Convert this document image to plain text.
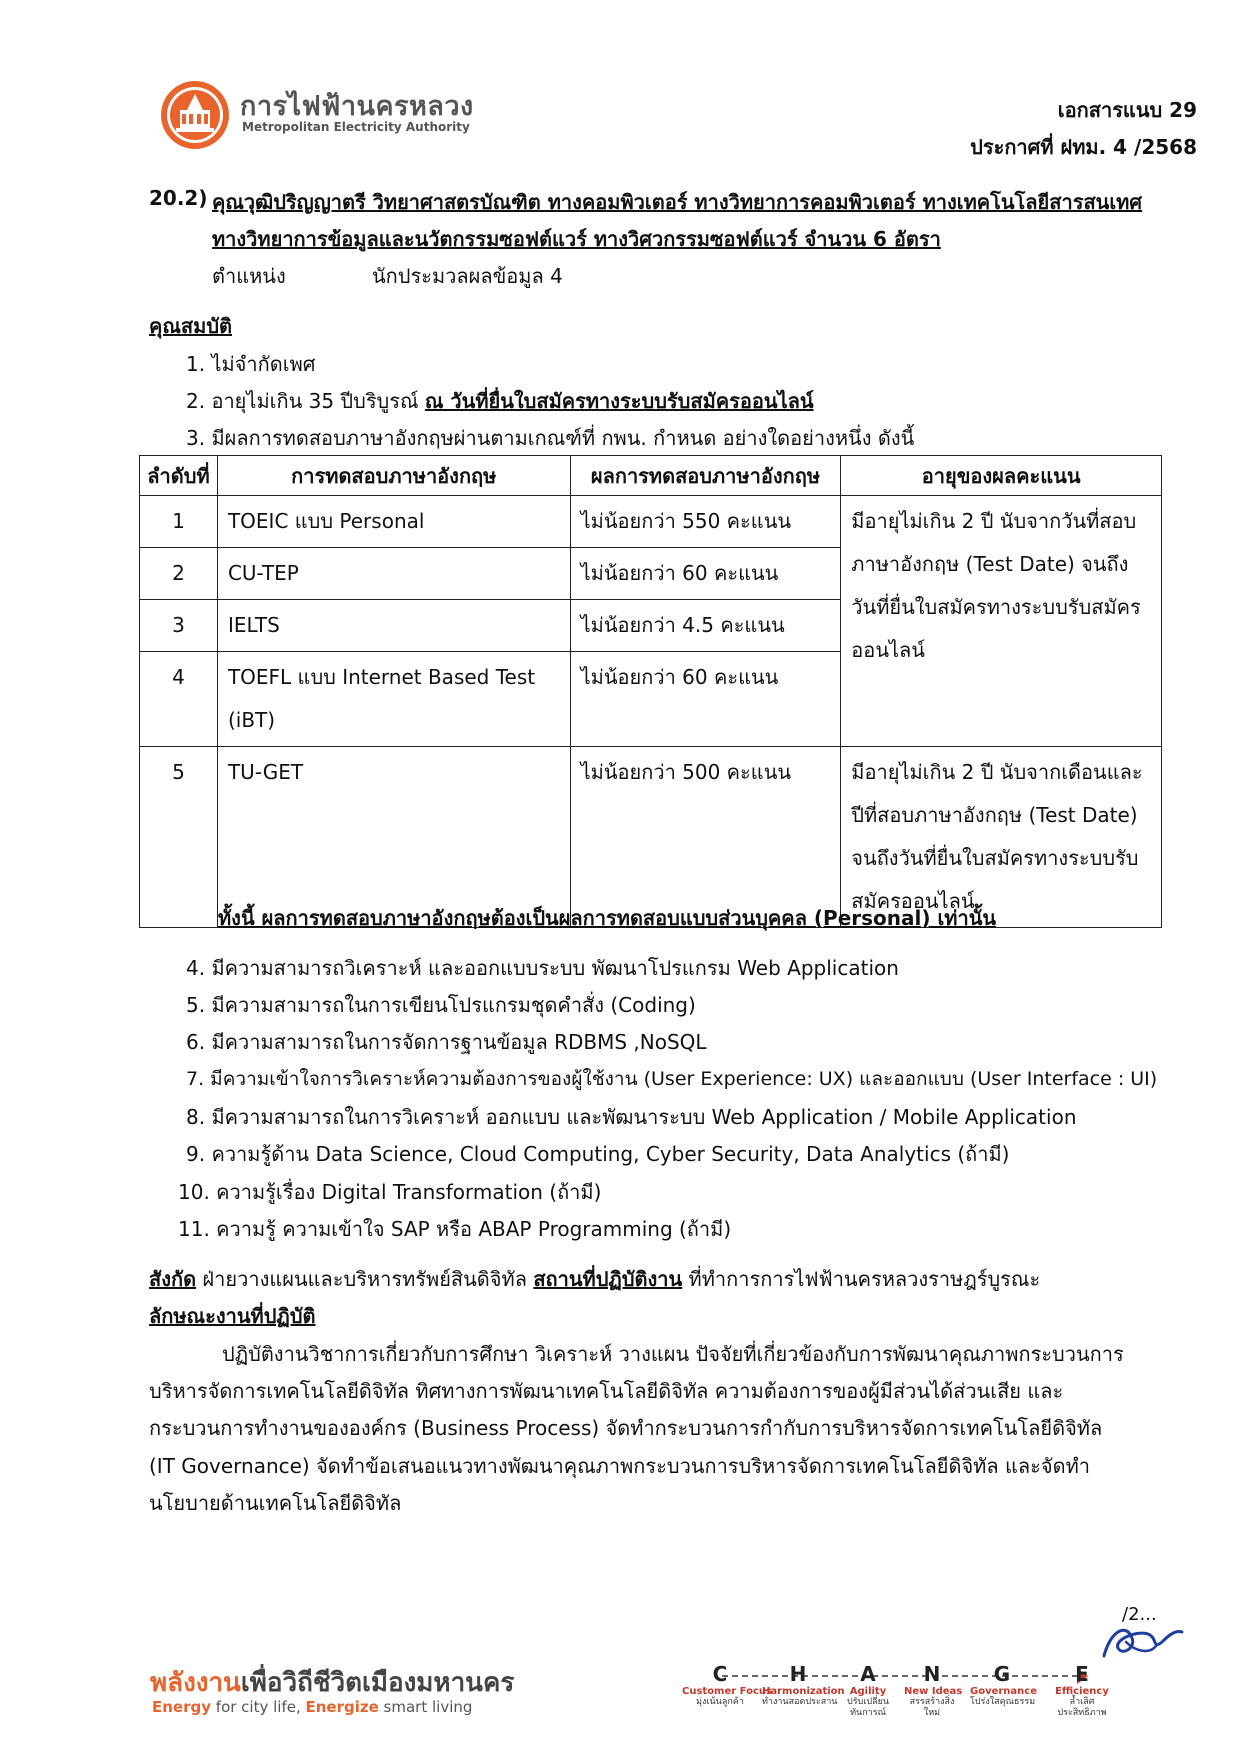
การไฟฟ้านครหลวง
Metropolitan Electricity Authority
เอกสารแนบ 29
ประกาศที่ ฝทม. 4 /2568
20.2) คุณวุฒิปริญญาตรี วิทยาศาสตรบัณฑิต ทางคอมพิวเตอร์ ทางวิทยาการคอมพิวเตอร์ ทางเทคโนโลยีสารสนเทศ
ทางวิทยาการข้อมูลและนวัตกรรมซอฟต์แวร์ ทางวิศวกรรมซอฟต์แวร์ จำนวน 6 อัตรา
ตำแหน่ง	นักประมวลผลข้อมูล 4
คุณสมบัติ
1. ไม่จำกัดเพศ
2. อายุไม่เกิน 35 ปีบริบูรณ์ ณ วันที่ยื่นใบสมัครทางระบบรับสมัครออนไลน์
3. มีผลการทดสอบภาษาอังกฤษผ่านตามเกณฑ์ที่ กพน. กำหนด อย่างใดอย่างหนึ่ง ดังนี้
ลำดับที่	การทดสอบภาษาอังกฤษ	ผลการทดสอบภาษาอังกฤษ	อายุของผลคะแนน
1	TOEIC แบบ Personal	ไม่น้อยกว่า 550 คะแนน	มีอายุไม่เกิน 2 ปี นับจากวันที่สอบภาษาอังกฤษ (Test Date) จนถึงวันที่ยื่นใบสมัครทางระบบรับสมัครออนไลน์
2	CU-TEP	ไม่น้อยกว่า 60 คะแนน	
3	IELTS	ไม่น้อยกว่า 4.5 คะแนน	
4	TOEFL แบบ Internet Based Test (iBT)	ไม่น้อยกว่า 60 คะแนน	
5	TU-GET	ไม่น้อยกว่า 500 คะแนน	มีอายุไม่เกิน 2 ปี นับจากเดือนและปีที่สอบภาษาอังกฤษ (Test Date) จนถึงวันที่ยื่นใบสมัครทางระบบรับสมัครออนไลน์
ทั้งนี้ ผลการทดสอบภาษาอังกฤษต้องเป็นผลการทดสอบแบบส่วนบุคคล (Personal) เท่านั้น
4. มีความสามารถวิเคราะห์ และออกแบบระบบ พัฒนาโปรแกรม Web Application
5. มีความสามารถในการเขียนโปรแกรมชุดคำสั่ง (Coding)
6. มีความสามารถในการจัดการฐานข้อมูล RDBMS ,NoSQL
7. มีความเข้าใจการวิเคราะห์ความต้องการของผู้ใช้งาน (User Experience: UX) และออกแบบ (User Interface : UI)
8. มีความสามารถในการวิเคราะห์ ออกแบบ และพัฒนาระบบ Web Application / Mobile Application
9. ความรู้ด้าน Data Science, Cloud Computing, Cyber Security, Data Analytics (ถ้ามี)
10. ความรู้เรื่อง Digital Transformation (ถ้ามี)
11. ความรู้ ความเข้าใจ SAP หรือ ABAP Programming (ถ้ามี)
สังกัด ฝ่ายวางแผนและบริหารทรัพย์สินดิจิทัล สถานที่ปฏิบัติงาน ที่ทำการการไฟฟ้านครหลวงราษฎร์บูรณะ
ลักษณะงานที่ปฏิบัติ
ปฏิบัติงานวิชาการเกี่ยวกับการศึกษา วิเคราะห์ วางแผน ปัจจัยที่เกี่ยวข้องกับการพัฒนาคุณภาพกระบวนการ
บริหารจัดการเทคโนโลยีดิจิทัล ทิศทางการพัฒนาเทคโนโลยีดิจิทัล ความต้องการของผู้มีส่วนได้ส่วนเสีย และ
กระบวนการทำงานขององค์กร (Business Process) จัดทำกระบวนการกำกับการบริหารจัดการเทคโนโลยีดิจิทัล
(IT Governance) จัดทำข้อเสนอแนวทางพัฒนาคุณภาพกระบวนการบริหารจัดการเทคโนโลยีดิจิทัล และจัดทำ
นโยบายด้านเทคโนโลยีดิจิทัล
/2...
พลังงานเพื่อวิถีชีวิตเมืองมหานคร
Energy for city life, Energize smart living
C
Customer Focus
มุ่งเน้นลูกค้า
H
Harmonization
ทำงานสอดประสาน
A
Agility
ปรับเปลี่ยนทันการณ์
N
New Ideas
สรรสร้างสิ่งใหม่
G
Governance
โปร่งใสคุณธรรม
E
Efficiency
ล้ำเลิศประสิทธิภาพ
